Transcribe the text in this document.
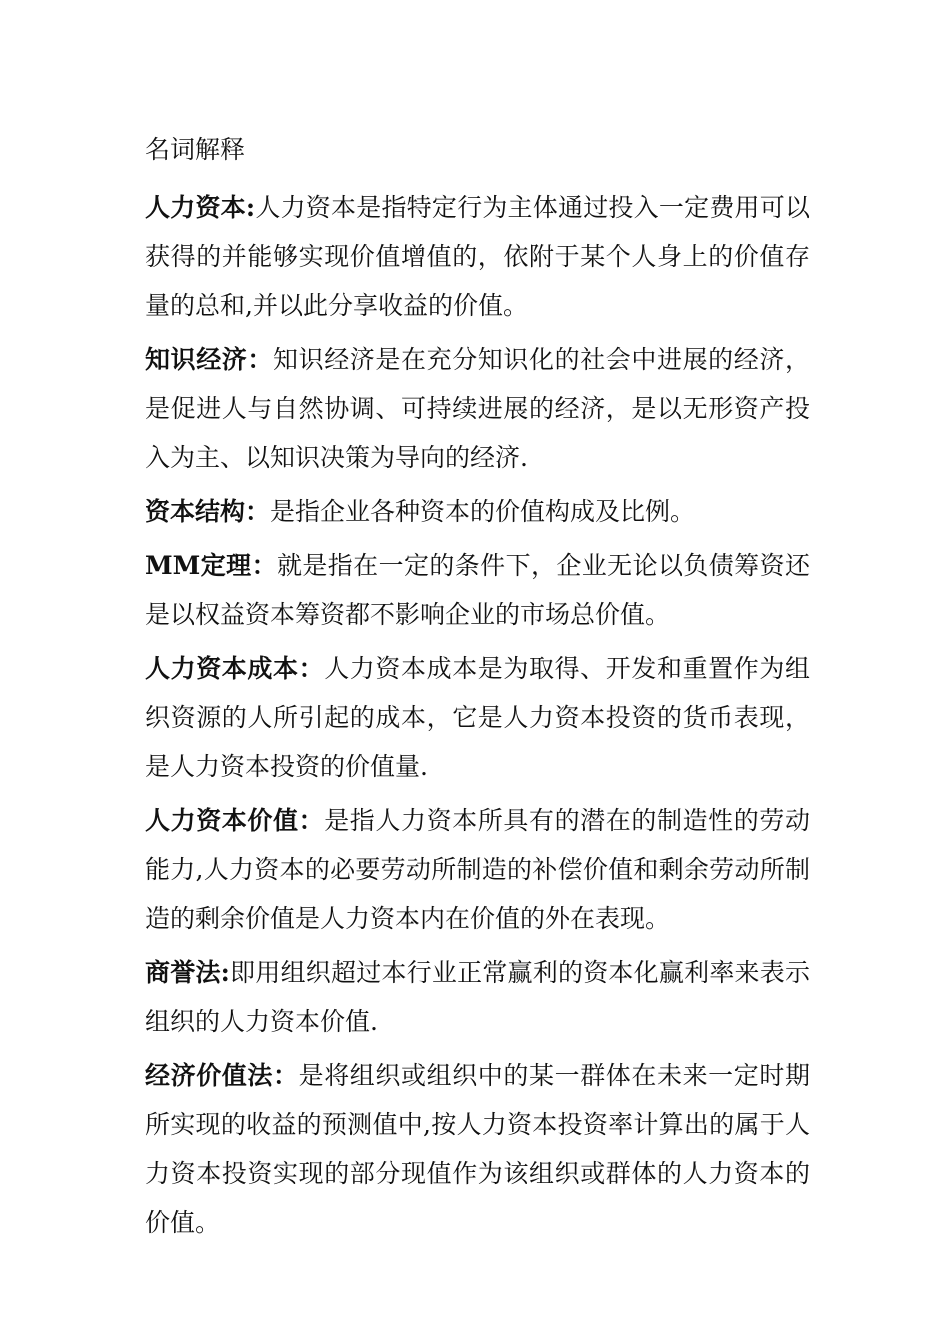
名词解释

人力资本:人力资本是指特定行为主体通过投入一定费用可以获得的并能够实现价值增值的，依附于某个人身上的价值存量的总和,并以此分享收益的价值。

知识经济：知识经济是在充分知识化的社会中进展的经济，是促进人与自然协调、可持续进展的经济，是以无形资产投入为主、以知识决策为导向的经济.

资本结构：是指企业各种资本的价值构成及比例。

MM定理：就是指在一定的条件下，企业无论以负债筹资还是以权益资本筹资都不影响企业的市场总价值。

人力资本成本：人力资本成本是为取得、开发和重置作为组织资源的人所引起的成本，它是人力资本投资的货币表现，是人力资本投资的价值量.

人力资本价值：是指人力资本所具有的潜在的制造性的劳动能力,人力资本的必要劳动所制造的补偿价值和剩余劳动所制造的剩余价值是人力资本内在价值的外在表现。

商誉法:即用组织超过本行业正常赢利的资本化赢利率来表示组织的人力资本价值.

经济价值法：是将组织或组织中的某一群体在未来一定时期所实现的收益的预测值中,按人力资本投资率计算出的属于人力资本投资实现的部分现值作为该组织或群体的人力资本的价值。
